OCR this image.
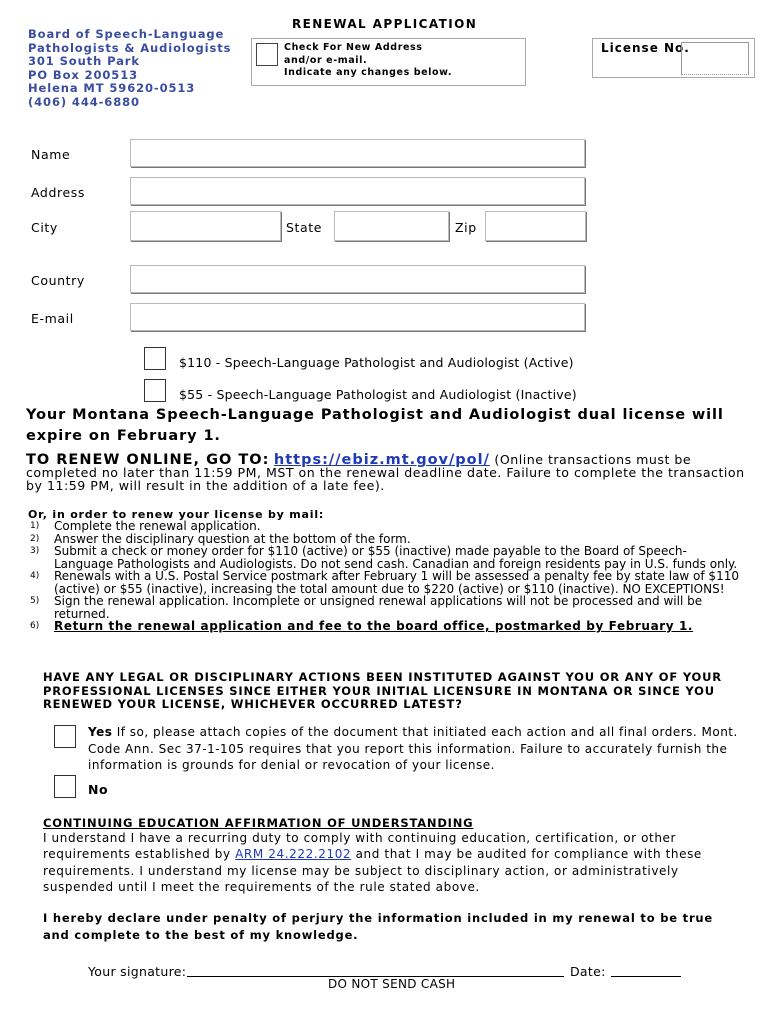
Board of Speech-Language
Pathologists & Audiologists
301 South Park
PO Box 200513
Helena MT 59620-0513
(406) 444-6880
RENEWAL APPLICATION
Check For New Address
and/or e-mail.
Indicate any changes below.
License No.
Name
Address
City	State	Zip
Country
E-mail
$110 - Speech-Language Pathologist and Audiologist (Active)
$55 - Speech-Language Pathologist and Audiologist (Inactive)
Your Montana Speech-Language Pathologist and Audiologist dual license will expire on February 1.
TO RENEW ONLINE, GO TO: https://ebiz.mt.gov/pol/ (Online transactions must be completed no later than 11:59 PM, MST on the renewal deadline date. Failure to complete the transaction by 11:59 PM, will result in the addition of a late fee).
Or, in order to renew your license by mail:
1) Complete the renewal application.
2) Answer the disciplinary question at the bottom of the form.
3) Submit a check or money order for $110 (active) or $55 (inactive) made payable to the Board of Speech-Language Pathologists and Audiologists. Do not send cash. Canadian and foreign residents pay in U.S. funds only.
4) Renewals with a U.S. Postal Service postmark after February 1 will be assessed a penalty fee by state law of $110 (active) or $55 (inactive), increasing the total amount due to $220 (active) or $110 (inactive). NO EXCEPTIONS!
5) Sign the renewal application. Incomplete or unsigned renewal applications will not be processed and will be returned.
6) Return the renewal application and fee to the board office, postmarked by February 1.
HAVE ANY LEGAL OR DISCIPLINARY ACTIONS BEEN INSTITUTED AGAINST YOU OR ANY OF YOUR PROFESSIONAL LICENSES SINCE EITHER YOUR INITIAL LICENSURE IN MONTANA OR SINCE YOU RENEWED YOUR LICENSE, WHICHEVER OCCURRED LATEST?
Yes If so, please attach copies of the document that initiated each action and all final orders. Mont. Code Ann. Sec 37-1-105 requires that you report this information. Failure to accurately furnish the information is grounds for denial or revocation of your license.
No
CONTINUING EDUCATION AFFIRMATION OF UNDERSTANDING
I understand I have a recurring duty to comply with continuing education, certification, or other requirements established by ARM 24.222.2102 and that I may be audited for compliance with these requirements. I understand my license may be subject to disciplinary action, or administratively suspended until I meet the requirements of the rule stated above.
I hereby declare under penalty of perjury the information included in my renewal to be true and complete to the best of my knowledge.
Your signature:	Date:
DO NOT SEND CASH
